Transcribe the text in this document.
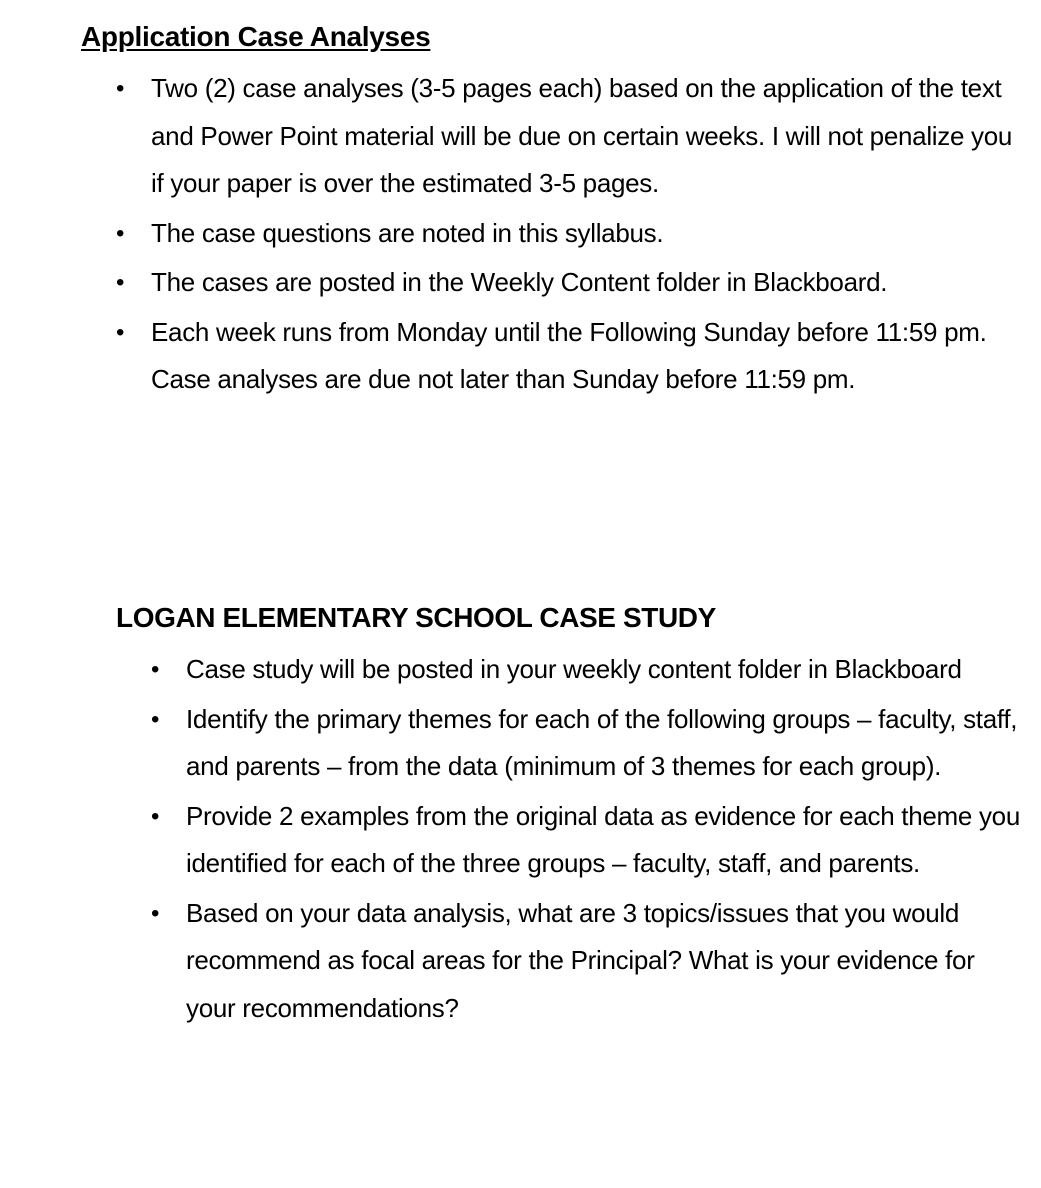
Application Case Analyses
• Two (2) case analyses (3-5 pages each) based on the application of the text and Power Point material will be due on certain weeks. I will not penalize you if your paper is over the estimated 3-5 pages.
• The case questions are noted in this syllabus.
• The cases are posted in the Weekly Content folder in Blackboard.
• Each week runs from Monday until the Following Sunday before 11:59 pm. Case analyses are due not later than Sunday before 11:59 pm.
LOGAN ELEMENTARY SCHOOL CASE STUDY
• Case study will be posted in your weekly content folder in Blackboard
• Identify the primary themes for each of the following groups – faculty, staff, and parents – from the data (minimum of 3 themes for each group).
• Provide 2 examples from the original data as evidence for each theme you identified for each of the three groups – faculty, staff, and parents.
• Based on your data analysis, what are 3 topics/issues that you would recommend as focal areas for the Principal? What is your evidence for your recommendations?
